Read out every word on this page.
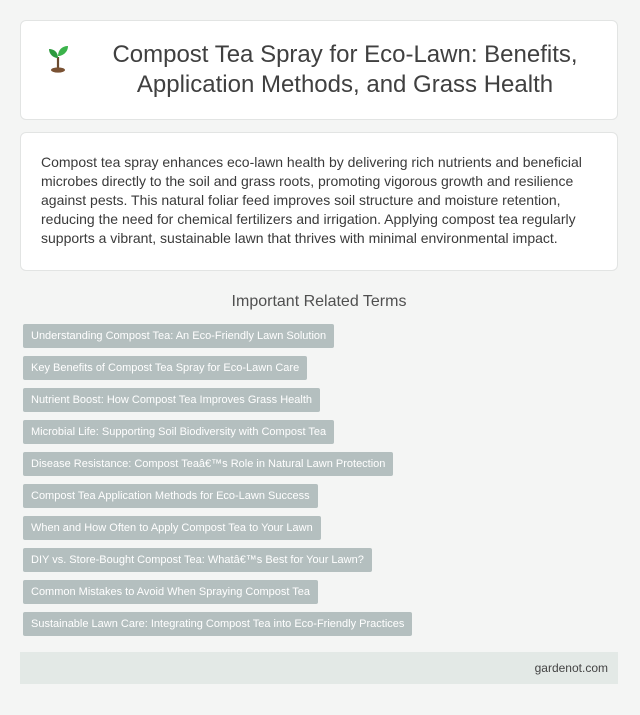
Compost Tea Spray for Eco-Lawn: Benefits, Application Methods, and Grass Health

Compost tea spray enhances eco-lawn health by delivering rich nutrients and beneficial microbes directly to the soil and grass roots, promoting vigorous growth and resilience against pests. This natural foliar feed improves soil structure and moisture retention, reducing the need for chemical fertilizers and irrigation. Applying compost tea regularly supports a vibrant, sustainable lawn that thrives with minimal environmental impact.

Important Related Terms
Understanding Compost Tea: An Eco-Friendly Lawn Solution
Key Benefits of Compost Tea Spray for Eco-Lawn Care
Nutrient Boost: How Compost Tea Improves Grass Health
Microbial Life: Supporting Soil Biodiversity with Compost Tea
Disease Resistance: Compost Teaâ€™s Role in Natural Lawn Protection
Compost Tea Application Methods for Eco-Lawn Success
When and How Often to Apply Compost Tea to Your Lawn
DIY vs. Store-Bought Compost Tea: Whatâ€™s Best for Your Lawn?
Common Mistakes to Avoid When Spraying Compost Tea
Sustainable Lawn Care: Integrating Compost Tea into Eco-Friendly Practices
gardenot.com
